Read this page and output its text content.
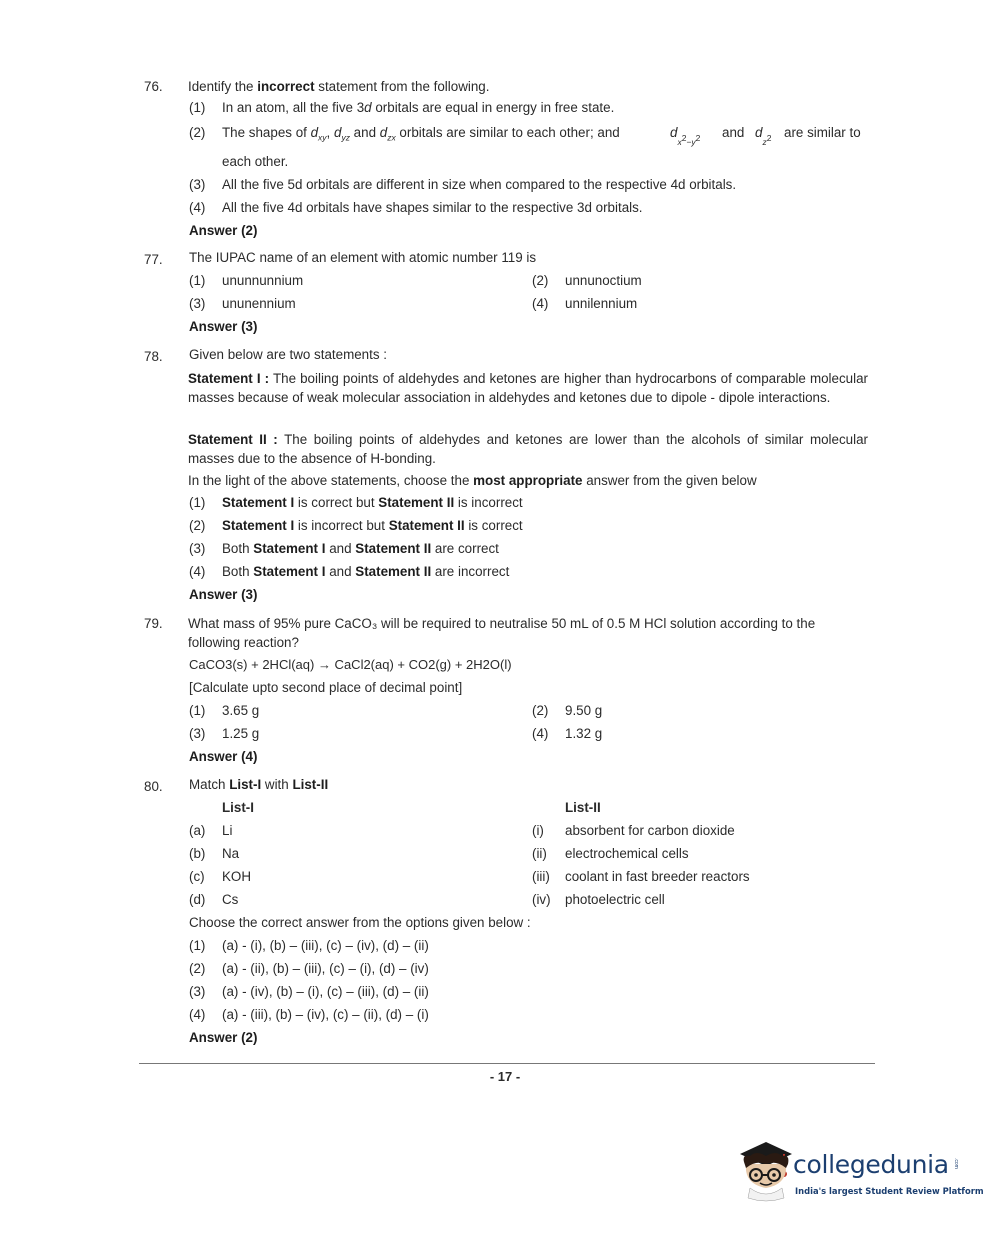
76. Identify the incorrect statement from the following.
(1) In an atom, all the five 3d orbitals are equal in energy in free state.
(2) The shapes of $d_{xy}$, $d_{yz}$ and $d_{zx}$ orbitals are similar to each other; and	$d_{x^2-y^2}$ and $d_{z^2}$ are similar to
each other.
(3) All the five 5d orbitals are different in size when compared to the respective 4d orbitals.
(4) All the five 4d orbitals have shapes similar to the respective 3d orbitals.
Answer (2)
77. The IUPAC name of an element with atomic number 119 is
(1) ununnunnium	(2) unnunoctium
(3) ununennium	(4) unnilennium
Answer (3)
78. Given below are two statements :
Statement I : The boiling points of aldehydes and ketones are higher than hydrocarbons of comparable molecular masses because of weak molecular association in aldehydes and ketones due to dipole - dipole interactions.
Statement II : The boiling points of aldehydes and ketones are lower than the alcohols of similar molecular masses due to the absence of H-bonding.
In the light of the above statements, choose the most appropriate answer from the given below
(1) Statement I is correct but Statement II is incorrect
(2) Statement I is incorrect but Statement II is correct
(3) Both Statement I and Statement II are correct
(4) Both Statement I and Statement II are incorrect
Answer (3)
79. What mass of 95% pure CaCO₃ will be required to neutralise 50 mL of 0.5 M HCl solution according to the following reaction?
CaCO3(s) + 2HCl(aq) → CaCl2(aq) + CO2(g) + 2H2O(l)
[Calculate upto second place of decimal point]
(1) 3.65 g	(2) 9.50 g
(3) 1.25 g	(4) 1.32 g
Answer (4)
80. Match List-I with List-II
List-I	List-II
(a) Li	(i) absorbent for carbon dioxide
(b) Na	(ii) electrochemical cells
(c) KOH	(iii) coolant in fast breeder reactors
(d) Cs	(iv) photoelectric cell
Choose the correct answer from the options given below :
(1) (a) - (i), (b) – (iii), (c) – (iv), (d) – (ii)
(2) (a) - (ii), (b) – (iii), (c) – (i), (d) – (iv)
(3) (a) - (iv), (b) – (i), (c) – (iii), (d) – (ii)
(4) (a) - (iii), (b) – (iv), (c) – (ii), (d) – (i)
Answer (2)
- 17 -
collegedunia .com
India's largest Student Review Platform
